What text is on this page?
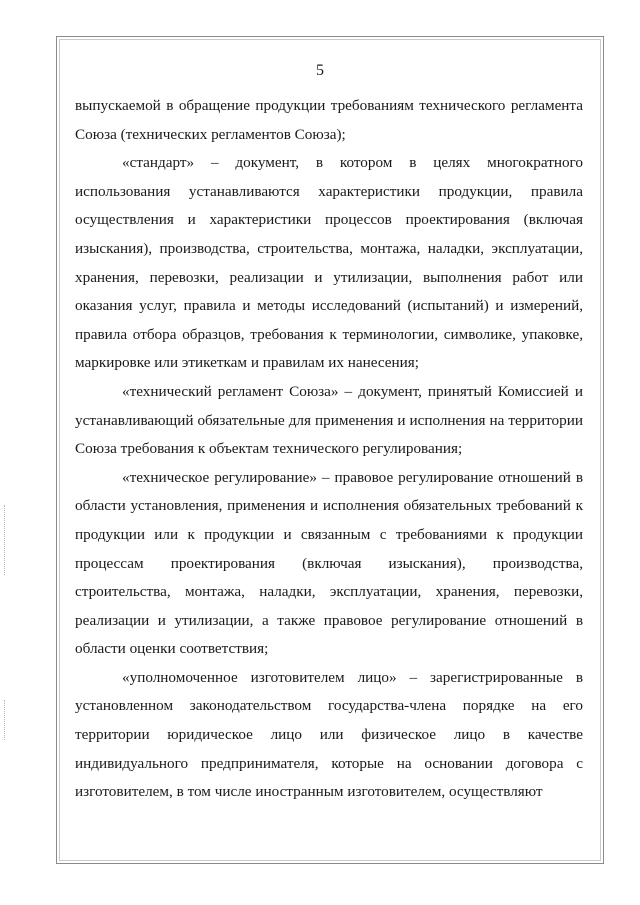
5

выпускаемой в обращение продукции требованиям технического регламента Союза (технических регламентов Союза);

«стандарт» – документ, в котором в целях многократного использования устанавливаются характеристики продукции, правила осуществления и характеристики процессов проектирования (включая изыскания), производства, строительства, монтажа, наладки, эксплуатации, хранения, перевозки, реализации и утилизации, выполнения работ или оказания услуг, правила и методы исследований (испытаний) и измерений, правила отбора образцов, требования к терминологии, символике, упаковке, маркировке или этикеткам и правилам их нанесения;

«технический регламент Союза» – документ, принятый Комиссией и устанавливающий обязательные для применения и исполнения на территории Союза требования к объектам технического регулирования;

«техническое регулирование» – правовое регулирование отношений в области установления, применения и исполнения обязательных требований к продукции или к продукции и связанным с требованиями к продукции процессам проектирования (включая изыскания), производства, строительства, монтажа, наладки, эксплуатации, хранения, перевозки, реализации и утилизации, а также правовое регулирование отношений в области оценки соответствия;

«уполномоченное изготовителем лицо» – зарегистрированные в установленном законодательством государства-члена порядке на его территории юридическое лицо или физическое лицо в качестве индивидуального предпринимателя, которые на основании договора с изготовителем, в том числе иностранным изготовителем, осуществляют
